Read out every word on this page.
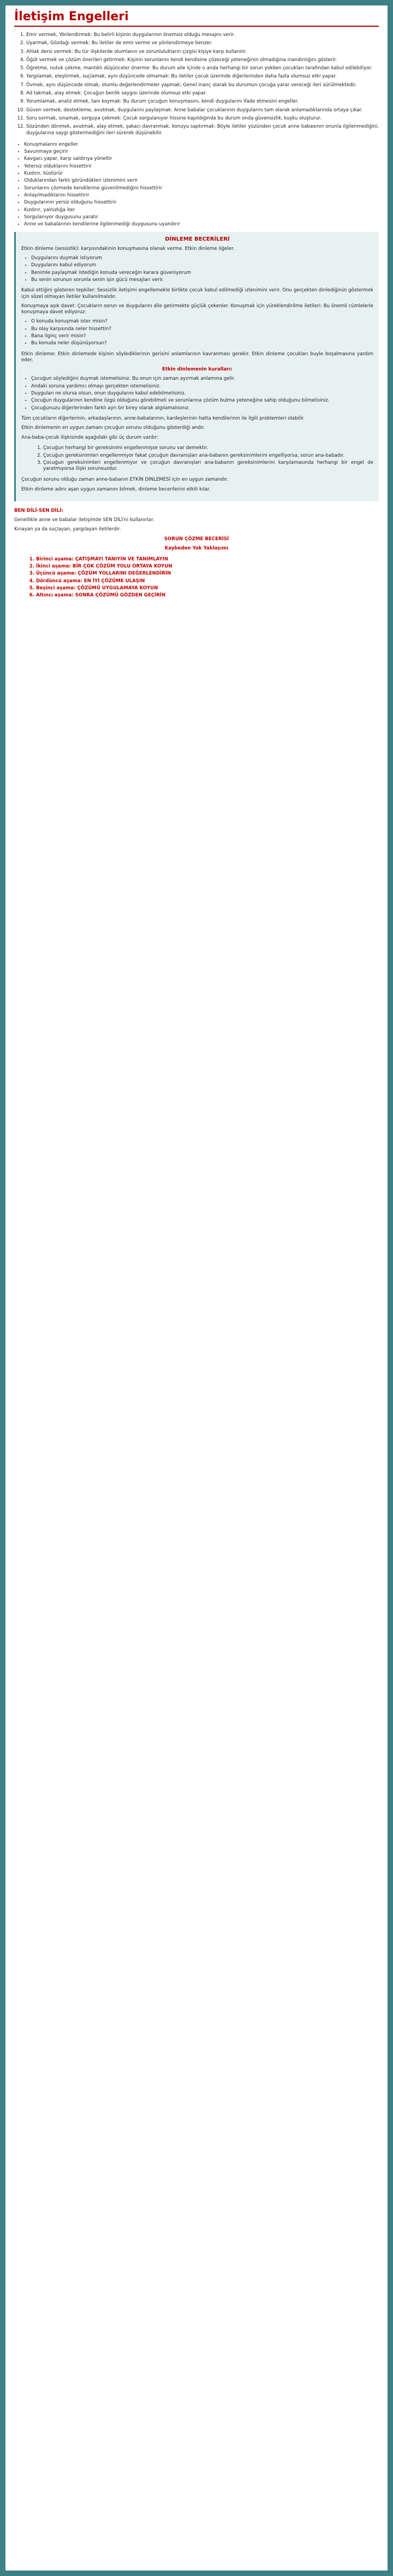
İletişim Engelleri
1. Emir vermek, Yönlendirmek: Bu belirli kişinin duygularının önemsiz olduğu mesajını verir.
2. Uyarmak, Gözdağı vermek: Bu iletiler de emir verme ve yönlendirmeye benzer.
3. Ahlak dersi vermek: Bu tür ilişkilerde olumlanın ve zorunlulukların çizgisi kişiye karşı kullanılır.
4. Öğüt vermek ve çözüm önerileri getirmek: Kişinin sorunlarını kendi kendisine çözeceği yeteneğinin olmadığına inandırılığını gösterir.
5. Öğretme, nutuk çekme, mantıklı düşünceler önerme: Bu durum aile içinde o anda herhangi bir sorun yokken çocukları tarafından kabul edilebiliyor.
6. Yargılamak, eleştirmek, suçlamak, aynı düşüncede olmamak: Bu iletiler çocuk üzerinde diğerlerinden daha fazla olumsuz etki yapar.
7. Övmek, aynı düşüncede olmak, olumlu değerlendirmeler yapmak: Genel inanç olarak bu durumun çocuğa yarar vereceği ileri sürülmektedir.
8. Ad takmak, alay etmek: Çocuğun benlik saygısı üzerinde olumsuz etki yapar.
9. Yorumlamak, analiz etmek, tanı koymak: Bu durum çocuğun konuşmasını, kendi duygularını ifade etmesini engeller.
10. Güven vermek, destekleme, avutmak, duygularını paylaşmak: Anne babalar çocuklarının duygularını tam olarak anlamadıklarında ortaya çıkar.
11. Soru sormak, sınamak, sorguya çekmek: Çocuk sorgulanıyor hissine kapıldığında bu durum onda güvensizlik, kuşku oluşturur.
12. Sözünden dönmek, avutmak, alay etmek, şakacı davranmak, konuyu saptırmak: Böyle iletiler yüzünden çocuk anne babasının onunla ilgilenmediğini, duygularına saygı göstermediğini ileri sürerek düşünebilir.
• Konuşmalarını engeller
• Savunmaya geçirir
• Kavgacı yapar, karşı saldırıya yöneltir
• Yetersiz olduklarını hissettirir
• Kızdırır, küstürür
• Olduklarından farklı göründükleri izlenimini verir
• Sorunlarını çözmede kendilerine güvenilmediğini hissettirir
• Anlaşılmadıklarını hissettirir
• Duygularının yersiz olduğunu hissettirir
• Kızdırır, yalnızlığa iter
• Sorgulanıyor duygusunu yaratır
• Anne ve babalarının kendilerine ilgilenmediği duygusunu uyandırır
DİNLEME BECERİLERİ

Etkin dinleme (sessizlik): karşısındakinin konuşmasına olanak verme. Etkin dinleme öğeler.

• Duygularını duymak istiyorum
• Duygularını kabul ediyorum
• Benimle paylaşmak istediğin konuda vereceğin karara güveniyorum
• Bu senin sorunun sorunla senin işin gücü mesajları verir.

Kabul ettiğini gösteren tepkiler: Sessizlik iletişimi engellemekle birlikte çocuk kabul edilmediği izlenimini verir. Onu gerçekten dinlediğinizi göstermek için sözel olmayan iletiler kullanılmalıdır.

Konuşmaya aşık davet: Çocukların sorun ve duygularını dile getirmekte güçlük çekenler. Konuşmak için yüreklendirilme iletileri: Bu önemli cümlelerle konuşmaya davet ediyoruz:

• O konuda konuşmak ister misin?
• Bu olay karşısında neler hissettin?
• Bana ilginç verir misin?
• Bu konuda neler düşünüyorsun?

Etkin dinleme: Etkin dinlemede kişinin söylediklerinin gerisini anlamlarının kavranması gerekir. Etkin dinleme çocukları buyle boşalmasına yardım eder.

Etkin dinlemenin kuralları:

• Çocuğun söylediğini duymak istemelisiniz. Bu onun için zaman ayırmak anlamına gelir.
• Andaki soruna yardımcı olmayı gerçekten istemelisiniz.
• Duyguları ne olursa olsun, onun duygularını kabul edebilmelisiniz.
• Çocuğun duygularının kendine özgü olduğunu görebilmeli ve sorunlarına çözüm bulma yeteneğine sahip olduğunu bilmelisiniz.
• Çocuğunuzu diğerlerinden farklı ayrı bir birey olarak algılamalısınız.

Tüm çocukların diğerlerinin, arkadaşlarının, anne-babalarının, kardeşlerinin hatta kendilerinin ile ilgili problemleri olabilir.

Etkin dinlemenin en uygun zamanı çocuğun sorunu olduğunu gösterdiği andır.

Ana-baba-çocuk ilişkisinde aşağıdaki gibi üç durum vardır:

1. Çocuğun herhangi bir gereksinimi engellenmişse sorunu var demektir.
2. Çocuğun gereksinimleri engellenmiyor fakat çocuğun davranışları ana-babanın gereksinimlerini engelliyorsa, sorun ana-babadır.
3. Çocuğun gereksinimleri engellenmiyor ve çocuğun davranışları ana-babanın gereksinimlerini karşılamasında herhangi bir engel de yaratmıyorsa ilişki sorunsuzdur.

Çocuğun sorunu olduğu zaman anne-babanın ETKİN DİNLEMESİ için en uygun zamandır.

Etkin dinleme adını aşan uygun zamanını bilmek, dinleme becerilerini etkili kılar.

BEN DİLİ-SEN DİLİ:

Genellikle anne ve babalar iletişimde SEN DİLİ'ni kullanırlar.

Kınayan ya da suçlayan, yargılayan iletilerdir.

SORUN ÇÖZME BECERİSİ

Kaybeden Yok Yaklaşımı

1. Birinci aşama: ÇATIŞMAYI TANIYIN VE TANIMLAYIN
2. İkinci aşama: BİR ÇOK ÇÖZÜM YOLU ORTAYA KOYUN
3. Üçüncü aşama: ÇÖZÜM YOLLARINI DEĞERLENDİRİN
4. Dördüncü aşama: EN İYİ ÇÖZÜME ULAŞIN
5. Beşinci aşama: ÇÖZÜMÜ UYGULAMAYA KOYUN
6. Altıncı aşama: SONRA ÇÖZÜMÜ GÖZDEN GEÇİRİN
